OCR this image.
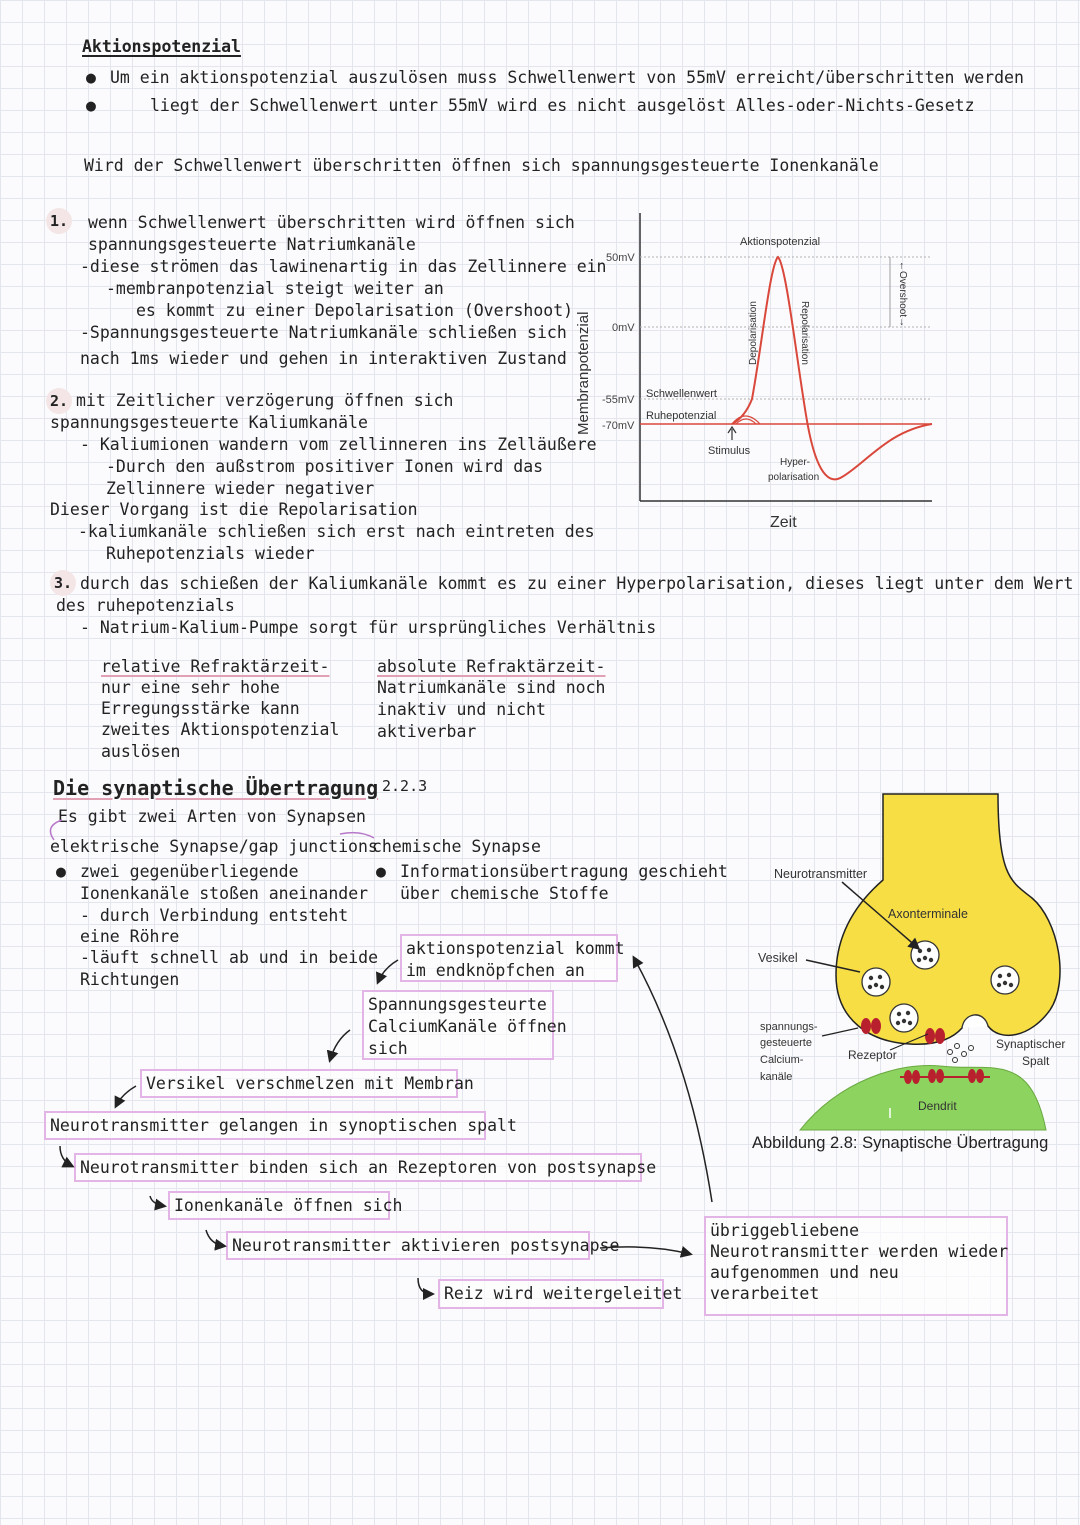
Aktionspotenzial
● Um ein aktionspotenzial auszulösen muss Schwellenwert von 55mV erreicht/überschritten werden
●	liegt der Schwellenwert unter 55mV wird es nicht ausgelöst Alles-oder-Nichts-Gesetz
Wird der Schwellenwert überschritten öffnen sich spannungsgesteuerte Ionenkanäle
1. wenn Schwellenwert überschritten wird öffnen sich
spannungsgesteuerte Natriumkanäle
-diese strömen das lawinenartig in das Zellinnere ein
-membranpotenzial steigt weiter an
es kommt zu einer Depolarisation (Overshoot)
-Spannungsgesteuerte Natriumkanäle schließen sich
nach 1ms wieder und gehen in interaktiven Zustand
2. mit Zeitlicher verzögerung öffnen sich
spannungsgesteuerte Kaliumkanäle
- Kaliumionen wandern vom zellinneren ins Zelläußere
-Durch den außstrom positiver Ionen wird das
Zellinnere wieder negativer
Dieser Vorgang ist die Repolarisation
-kaliumkanäle schließen sich erst nach eintreten des
Ruhepotenzials wieder
3. durch das schießen der Kaliumkanäle kommt es zu einer Hyperpolarisation, dieses liegt unter dem Wert
des ruhepotenzials
- Natrium-Kalium-Pumpe sorgt für ursprüngliches Verhältnis
relative Refraktärzeit-
nur eine sehr hohe
Erregungsstärke kann
zweites Aktionspotenzial
auslösen
absolute Refraktärzeit-
Natriumkanäle sind noch
inaktiv und nicht
aktiverbar
50mV
0mV
-55mV
-70mV
Membranpotenzial
Zeit
Schwellenwert
Ruhepotenzial
Aktionspotenzial
Depolarisation	Repolarisation
←Overshoot→
Stimulus
Hyper-
polarisation
Die synaptische Übertragung 2.2.3
Es gibt zwei Arten von Synapsen
elektrische Synapse/gap junctions
● zwei gegenüberliegende
Ionenkanäle stoßen aneinander
- durch Verbindung entsteht
eine Röhre
-läuft schnell ab und in beide
Richtungen
chemische Synapse
● Informationsübertragung geschieht
über chemische Stoffe
aktionspotenzial kommt
im endknöpfchen an
Spannungsgesteurte
CalciumKanäle öffnen
sich
Versikel verschmelzen mit Membran
Neurotransmitter gelangen in synoptischen spalt
Neurotransmitter binden sich an Rezeptoren von postsynapse
Ionenkanäle öffnen sich
Neurotransmitter aktivieren postsynapse
Reiz wird weitergeleitet
übriggebliebene
Neurotransmitter werden wieder
aufgenommen und neu
verarbeitet
Neurotransmitter
Axonterminale
Vesikel
spannungs-
gesteuerte
Calcium-
kanäle
Rezeptor
Synaptischer
Spalt
Dendrit
Abbildung 2.8: Synaptische Übertragung
